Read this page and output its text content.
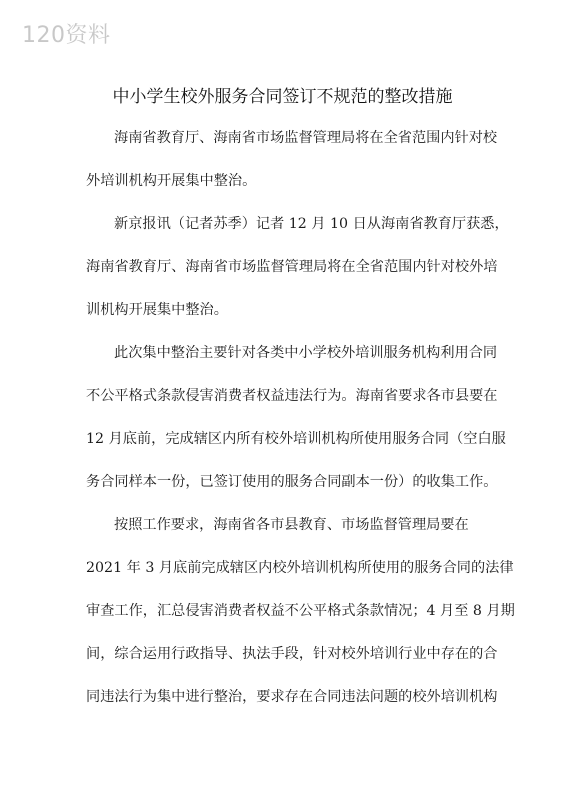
120资料
中小学生校外服务合同签订不规范的整改措施
海南省教育厅、海南省市场监督管理局将在全省范围内针对校
外培训机构开展集中整治。
新京报讯（记者苏季）记者 12 月 10 日从海南省教育厅获悉，
海南省教育厅、海南省市场监督管理局将在全省范围内针对校外培
训机构开展集中整治。
此次集中整治主要针对各类中小学校外培训服务机构利用合同
不公平格式条款侵害消费者权益违法行为。海南省要求各市县要在
12 月底前，完成辖区内所有校外培训机构所使用服务合同（空白服
务合同样本一份，已签订使用的服务合同副本一份）的收集工作。
按照工作要求，海南省各市县教育、市场监督管理局要在
2021 年 3 月底前完成辖区内校外培训机构所使用的服务合同的法律
审查工作，汇总侵害消费者权益不公平格式条款情况；4 月至 8 月期
间，综合运用行政指导、执法手段，针对校外培训行业中存在的合
同违法行为集中进行整治，要求存在合同违法问题的校外培训机构
